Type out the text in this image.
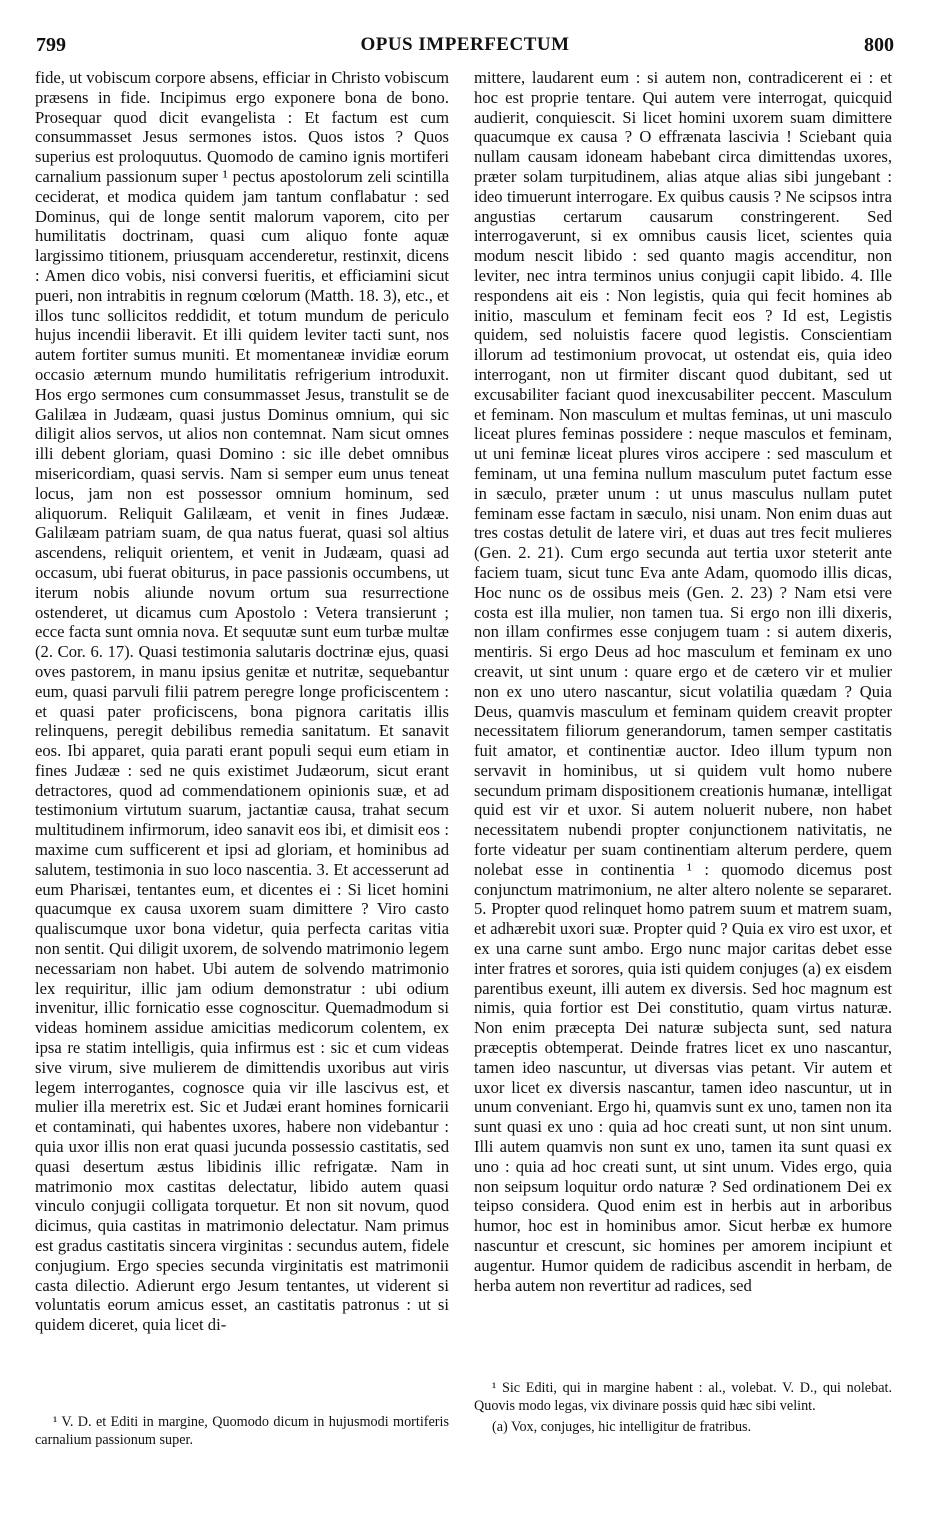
799	OPUS IMPERFECTUM	800

fide, ut vobiscum corpore absens, efficiar in Christo vobiscum præsens in fide. Incipimus ergo exponere bona de bono. Prosequar quod dicit evangelista : Et factum est cum consummasset Jesus sermones istos. Quos istos ? Quos superius est proloquutus. Quomodo de camino ignis mortiferi carnalium passionum super ¹ pectus apostolorum zeli scintilla ceciderat, et modica quidem jam tantum conflabatur : sed Dominus, qui de longe sentit malorum vaporem, cito per humilitatis doctrinam, quasi cum aliquo fonte aquæ largissimo titionem, priusquam accenderetur, restinxit, dicens : Amen dico vobis, nisi conversi fueritis, et efficiamini sicut pueri, non intrabitis in regnum cœlorum (Matth. 18. 3), etc., et illos tunc sollicitos reddidit, et totum mundum de periculo hujus incendii liberavit. Et illi quidem leviter tacti sunt, nos autem fortiter sumus muniti. Et momentaneæ invidiæ eorum occasio æternum mundo humilitatis refrigerium introduxit. Hos ergo sermones cum consummasset Jesus, transtulit se de Galilæa in Judæam, quasi justus Dominus omnium, qui sic diligit alios servos, ut alios non contemnat. Nam sicut omnes illi debent gloriam, quasi Domino : sic ille debet omnibus misericordiam, quasi servis. Nam si semper eum unus teneat locus, jam non est possessor omnium hominum, sed aliquorum. Reliquit Galilæam, et venit in fines Judææ. Galilæam patriam suam, de qua natus fuerat, quasi sol altius ascendens, reliquit orientem, et venit in Judæam, quasi ad occasum, ubi fuerat obiturus, in pace passionis occumbens, ut iterum nobis aliunde novum ortum sua resurrectione ostenderet, ut dicamus cum Apostolo : Vetera transierunt ; ecce facta sunt omnia nova. Et sequutæ sunt eum turbæ multæ (2. Cor. 6. 17). Quasi testimonia salutaris doctrinæ ejus, quasi oves pastorem, in manu ipsius genitæ et nutritæ, sequebantur eum, quasi parvuli filii patrem peregre longe proficiscentem : et quasi pater proficiscens, bona pignora caritatis illis relinquens, peregit debilibus remedia sanitatum. Et sanavit eos. Ibi apparet, quia parati erant populi sequi eum etiam in fines Judææ : sed ne quis existimet Judæorum, sicut erant detractores, quod ad commendationem opinionis suæ, et ad testimonium virtutum suarum, jactantiæ causa, trahat secum multitudinem infirmorum, ideo sanavit eos ibi, et dimisit eos : maxime cum sufficerent et ipsi ad gloriam, et hominibus ad salutem, testimonia in suo loco nascentia. 3. Et accesserunt ad eum Pharisæi, tentantes eum, et dicentes ei : Si licet homini quacumque ex causa uxorem suam dimittere ? Viro casto qualiscumque uxor bona videtur, quia perfecta caritas vitia non sentit. Qui diligit uxorem, de solvendo matrimonio legem necessariam non habet. Ubi autem de solvendo matrimonio lex requiritur, illic jam odium demonstratur : ubi odium invenitur, illic fornicatio esse cognoscitur. Quemadmodum si videas hominem assidue amicitias medicorum colentem, ex ipsa re statim intelligis, quia infirmus est : sic et cum videas sive virum, sive mulierem de dimittendis uxoribus aut viris legem interrogantes, cognosce quia vir ille lascivus est, et mulier illa meretrix est. Sic et Judæi erant homines fornicarii et contaminati, qui habentes uxores, habere non videbantur : quia uxor illis non erat quasi jucunda possessio castitatis, sed quasi desertum æstus libidinis illic refrigatæ. Nam in matrimonio mox castitas delectatur, libido autem quasi vinculo conjugii colligata torquetur. Et non sit novum, quod dicimus, quia castitas in matrimonio delectatur. Nam primus est gradus castitatis sincera virginitas : secundus autem, fidele conjugium. Ergo species secunda virginitatis est matrimonii casta dilectio. Adierunt ergo Jesum tentantes, ut viderent si voluntatis eorum amicus esset, an castitatis patronus : ut si quidem diceret, quia licet di-

mittere, laudarent eum : si autem non, contradicerent ei : et hoc est proprie tentare. Qui autem vere interrogat, quicquid audierit, conquiescit. Si licet homini uxorem suam dimittere quacumque ex causa ? O effrænata lascivia ! Sciebant quia nullam causam idoneam habebant circa dimittendas uxores, præter solam turpitudinem, alias atque alias sibi jungebant : ideo timuerunt interrogare. Ex quibus causis ? Ne scipsos intra angustias certarum causarum constringerent. Sed interrogaverunt, si ex omnibus causis licet, scientes quia modum nescit libido : sed quanto magis accenditur, non leviter, nec intra terminos unius conjugii capit libido. 4. Ille respondens ait eis : Non legistis, quia qui fecit homines ab initio, masculum et feminam fecit eos ? Id est, Legistis quidem, sed noluistis facere quod legistis. Conscientiam illorum ad testimonium provocat, ut ostendat eis, quia ideo interrogant, non ut firmiter discant quod dubitant, sed ut excusabiliter faciant quod inexcusabiliter peccent. Masculum et feminam. Non masculum et multas feminas, ut uni masculo liceat plures feminas possidere : neque masculos et feminam, ut uni feminæ liceat plures viros accipere : sed masculum et feminam, ut una femina nullum masculum putet factum esse in sæculo, præter unum : ut unus masculus nullam putet feminam esse factam in sæculo, nisi unam. Non enim duas aut tres costas detulit de latere viri, et duas aut tres fecit mulieres (Gen. 2. 21). Cum ergo secunda aut tertia uxor steterit ante faciem tuam, sicut tunc Eva ante Adam, quomodo illis dicas, Hoc nunc os de ossibus meis (Gen. 2. 23) ? Nam etsi vere costa est illa mulier, non tamen tua. Si ergo non illi dixeris, non illam confirmes esse conjugem tuam : si autem dixeris, mentiris. Si ergo Deus ad hoc masculum et feminam ex uno creavit, ut sint unum : quare ergo et de cætero vir et mulier non ex uno utero nascantur, sicut volatilia quædam ? Quia Deus, quamvis masculum et feminam quidem creavit propter necessitatem filiorum generandorum, tamen semper castitatis fuit amator, et continentiæ auctor. Ideo illum typum non servavit in hominibus, ut si quidem vult homo nubere secundum primam dispositionem creationis humanæ, intelligat quid est vir et uxor. Si autem noluerit nubere, non habet necessitatem nubendi propter conjunctionem nativitatis, ne forte videatur per suam continentiam alterum perdere, quem nolebat esse in continentia ¹ : quomodo dicemus post conjunctum matrimonium, ne alter altero nolente se separaret. 5. Propter quod relinquet homo patrem suum et matrem suam, et adhærebit uxori suæ. Propter quid ? Quia ex viro est uxor, et ex una carne sunt ambo. Ergo nunc major caritas debet esse inter fratres et sorores, quia isti quidem conjuges (a) ex eisdem parentibus exeunt, illi autem ex diversis. Sed hoc magnum est nimis, quia fortior est Dei constitutio, quam virtus naturæ. Non enim præcepta Dei naturæ subjecta sunt, sed natura præceptis obtemperat. Deinde fratres licet ex uno nascantur, tamen ideo nascuntur, ut diversas vias petant. Vir autem et uxor licet ex diversis nascantur, tamen ideo nascuntur, ut in unum conveniant. Ergo hi, quamvis sunt ex uno, tamen non ita sunt quasi ex uno : quia ad hoc creati sunt, ut non sint unum. Illi autem quamvis non sunt ex uno, tamen ita sunt quasi ex uno : quia ad hoc creati sunt, ut sint unum. Vides ergo, quia non seipsum loquitur ordo naturæ ? Sed ordinationem Dei ex teipso considera. Quod enim est in herbis aut in arboribus humor, hoc est in hominibus amor. Sicut herbæ ex humore nascuntur et crescunt, sic homines per amorem incipiunt et augentur. Humor quidem de radicibus ascendit in herbam, de herba autem non revertitur ad radices, sed

¹ V. D. et Editi in margine, Quomodo dicum in hujusmodi mortiferis carnalium passionum super.

¹ Sic Editi, qui in margine habent : al., volebat. V. D., qui nolebat. Quovis modo legas, vix divinare possis quid hæc sibi velint.

(a) Vox, conjuges, hic intelligitur de fratribus.
